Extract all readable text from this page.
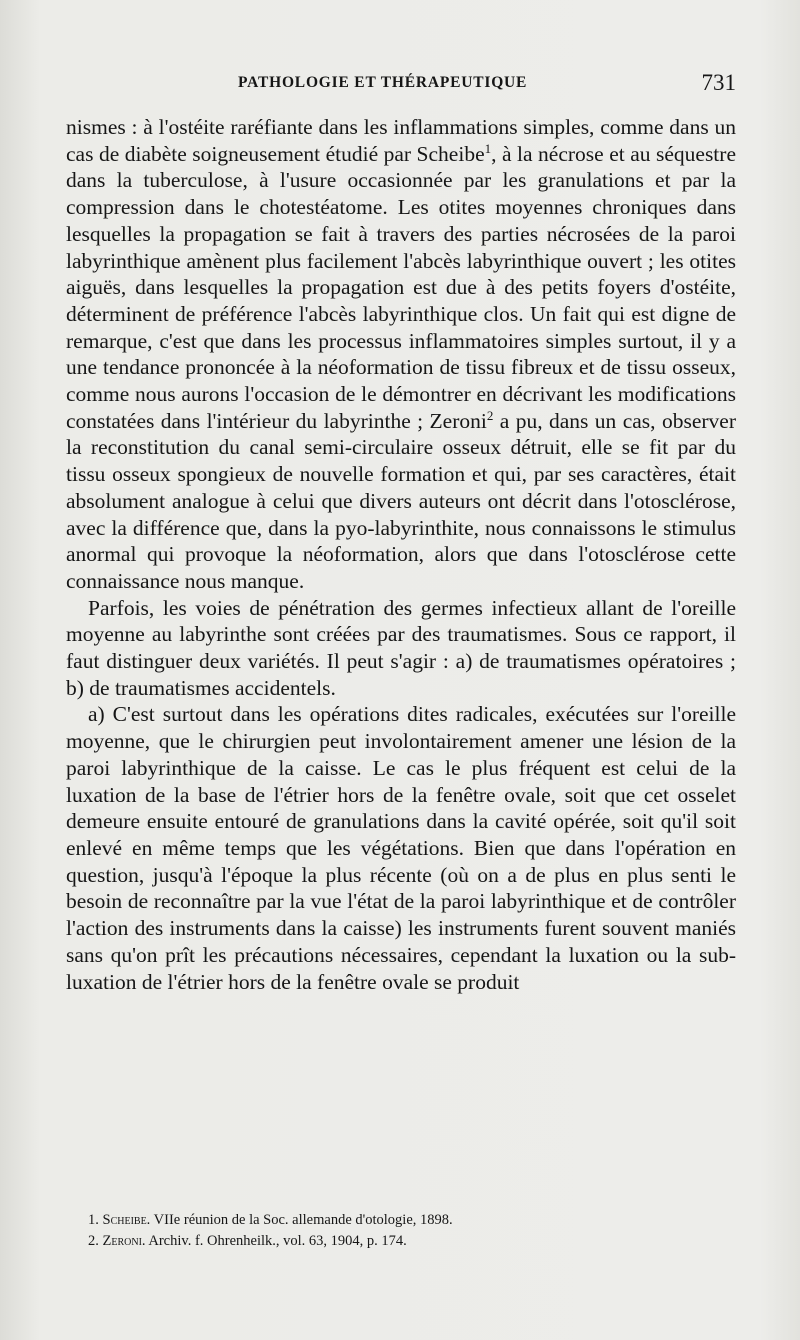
PATHOLOGIE ET THÉRAPEUTIQUE	731

nismes : à l'ostéite raréfiante dans les inflammations simples, comme dans un cas de diabète soigneusement étudié par Scheibe$^1$, à la nécrose et au séquestre dans la tuberculose, à l'usure occasionnée par les granulations et par la compression dans le chotestéatome. Les otites moyennes chroniques dans lesquelles la propagation se fait à travers des parties nécrosées de la paroi labyrinthique amènent plus facilement l'abcès labyrinthique ouvert ; les otites aiguës, dans lesquelles la propagation est due à des petits foyers d'ostéite, déterminent de préférence l'abcès labyrinthique clos. Un fait qui est digne de remarque, c'est que dans les processus inflammatoires simples surtout, il y a une tendance prononcée à la néoformation de tissu fibreux et de tissu osseux, comme nous aurons l'occasion de le démontrer en décrivant les modifications constatées dans l'intérieur du labyrinthe ; Zeroni$^2$ a pu, dans un cas, observer la reconstitution du canal semi-circulaire osseux détruit, elle se fit par du tissu osseux spongieux de nouvelle formation et qui, par ses caractères, était absolument analogue à celui que divers auteurs ont décrit dans l'otosclérose, avec la différence que, dans la pyo-labyrinthite, nous connaissons le stimulus anormal qui provoque la néoformation, alors que dans l'otosclérose cette connaissance nous manque.

Parfois, les voies de pénétration des germes infectieux allant de l'oreille moyenne au labyrinthe sont créées par des traumatismes. Sous ce rapport, il faut distinguer deux variétés. Il peut s'agir : a) de traumatismes opératoires ; b) de traumatismes accidentels.

a) C'est surtout dans les opérations dites radicales, exécutées sur l'oreille moyenne, que le chirurgien peut involontairement amener une lésion de la paroi labyrinthique de la caisse. Le cas le plus fréquent est celui de la luxation de la base de l'étrier hors de la fenêtre ovale, soit que cet osselet demeure ensuite entouré de granulations dans la cavité opérée, soit qu'il soit enlevé en même temps que les végétations. Bien que dans l'opération en question, jusqu'à l'époque la plus récente (où on a de plus en plus senti le besoin de reconnaître par la vue l'état de la paroi labyrinthique et de contrôler l'action des instruments dans la caisse) les instruments furent souvent maniés sans qu'on prît les précautions nécessaires, cependant la luxation ou la sub-luxation de l'étrier hors de la fenêtre ovale se produit

1. Scheibe. VIIe réunion de la Soc. allemande d'otologie, 1898.
2. Zeroni. Archiv. f. Ohrenheilk., vol. 63, 1904, p. 174.
